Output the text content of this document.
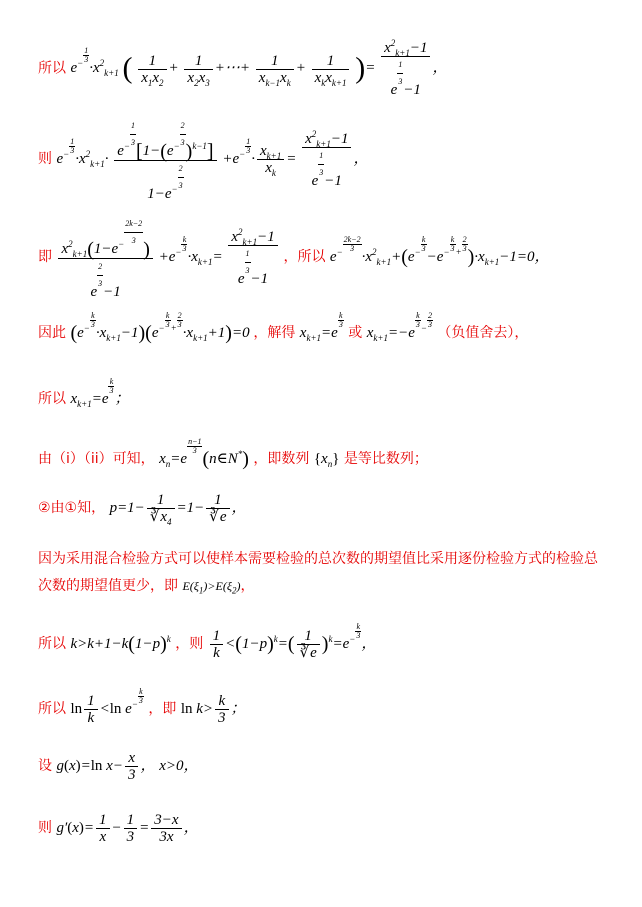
所以 $e^{- \frac{1}{3}}$
$\cdot x^2_{k+1}$ ( $\frac{1}{x_1x_2} + \frac{1}{x_2x_3}$ +⋯+ $\frac{1}{x_{k-1}x_k} + \frac{1}{x_kx_{k+1}}$ )= $x^2_{k+1}-1$
e $^{\frac{1}{3}}$ −1 ，
则 $e^{- \frac{1}{3}}$
$\cdot x^2_{k+1}\cdot e^{- \frac{1}{3}}$
[$1-(e^{- \frac{2}{3}}$
)$^{k-1}$]
$1-e^{- \frac{2}{3}} +e^{- \frac{1}{3}}$
· $\frac{x_{k+1}}{x_k} = x^2_{k+1}-1$
e $^{\frac{1}{3}}$ −1 ，
即 $x^2_{k+1}(1-e^{- \frac{2k-2}{3}}$
)
e $^{\frac{2}{3}} -1 +e^{- \frac{k}{3}}$
$\cdot x_{k+1}= x^2_{k+1}-1$
e $^{\frac{1}{3}}$ −1 ，所以 $e^{- \frac{2k-2}{3}}$
$\cdot x^2_{k+1}+(e^{- \frac{k}{3}}$
$-e^{- \frac{k}{3} + \frac{2}{3}}$
)$\cdot x_{k+1}-1=0$，
因此 ($e^{- \frac{k}{3}}$
$\cdot x_{k+1}-1)(e^{- \frac{k}{3} + \frac{2}{3}}$
$\cdot x_{k+1}+1)=0$ ，解得 $x_{k+1}=e$
$^{\frac{k}{3}}$
或 $x_{k+1}=-e$
$^{\frac{k}{3} - \frac{2}{3}}$
（负值舍去），
所以 $x_{k+1}=e$
$^{\frac{k}{3}}$
；
由（i）（ii）可知， $x_n=e$
$^{\frac{n-1}{3}}$
(n∈N*) ，即数列 $\{x_n\}$ 是等比数列；
②由①知， $p=1- \frac{1}{∛x_4} =1- \frac{1}{∛e}$ ，
因为采用混合检验方式可以使样本需要检验的总次数的期望值比采用逐份检验方式的检验总
次数的期望值更少，即 $E(\xi_1)>E(\xi_2)$，
所以 $k>k+1-k(1-p)^k$ ，则 $\frac{1}{k} <(1-p)^k=( \frac{1}{∛e} )^k=e^{- \frac{k}{3}}$
，
所以 $\ln \frac{1}{k} <\ln$ $e^{- \frac{k}{3}}$
，即 $\ln k> \frac{k}{3}$ ；
设 g(x)=ln $x- \frac{x}{3}$ ， x>0，
则 $g'(x)= \frac{1}{x} - \frac{1}{3} = \frac{3-x}{3x}$ ，
